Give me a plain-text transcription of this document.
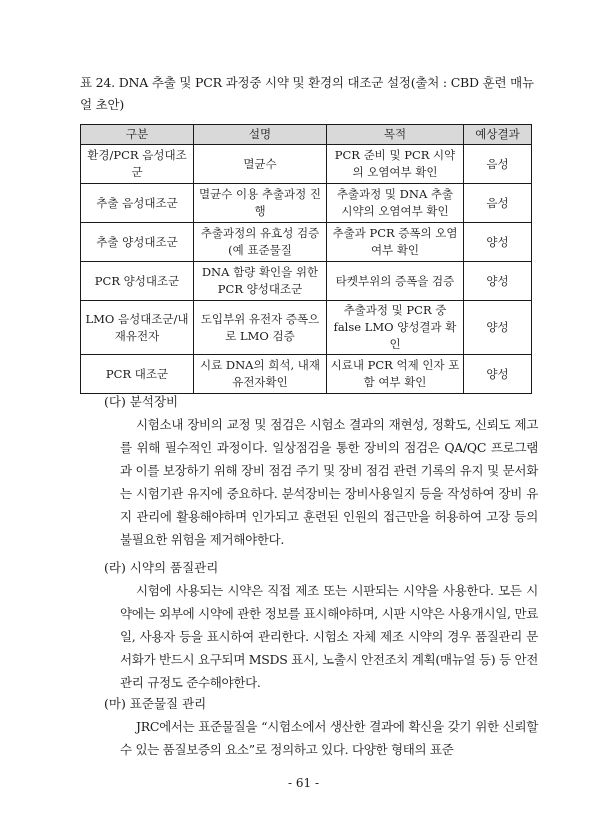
표 24. DNA 추출 및 PCR 과정중 시약 및 환경의 대조군 설정(출처 : CBD 훈련 매뉴얼 초안)
구분	설명	목적	예상결과
환경/PCR 음성대조군	멸균수	PCR 준비 및 PCR 시약의 오염여부 확인	음성
추출 음성대조군	멸균수 이용 추출과정 진행	추출과정 및 DNA 추출 시약의 오염여부 확인	음성
추출 양성대조군	추출과정의 유효성 검증(예 표준물질	추출과 PCR 증폭의 오염여부 확인	양성
PCR 양성대조군	DNA 함량 확인을 위한 PCR 양성대조군	타켓부위의 증폭을 검증	양성
LMO 음성대조군/내재유전자	도입부위 유전자 증폭으로 LMO 검증	추출과정 및 PCR 중 false LMO 양성결과 확인	양성
PCR 대조군	시료 DNA의 희석, 내재유전자확인	시료내 PCR 억제 인자 포함 여부 확인	양성
(다) 분석장비
시험소내 장비의 교정 및 점검은 시험소 결과의 재현성, 정확도, 신뢰도 제고를 위해 필수적인 과정이다. 일상점검을 통한 장비의 점검은 QA/QC 프로그램과 이를 보장하기 위해 장비 점검 주기 및 장비 점검 관련 기록의 유지 및 문서화는 시험기관 유지에 중요하다. 분석장비는 장비사용일지 등을 작성하여 장비 유지 관리에 활용해야하며 인가되고 훈련된 인원의 접근만을 허용하여 고장 등의 불필요한 위험을 제거해야한다.
(라) 시약의 품질관리
시험에 사용되는 시약은 직접 제조 또는 시판되는 시약을 사용한다. 모든 시약에는 외부에 시약에 관한 정보를 표시해야하며, 시판 시약은 사용개시일, 만료일, 사용자 등을 표시하여 관리한다. 시험소 자체 제조 시약의 경우 품질관리 문서화가 반드시 요구되며 MSDS 표시, 노출시 안전조치 계획(매뉴얼 등) 등 안전관리 규정도 준수해야한다.
(마) 표준물질 관리
JRC에서는 표준물질을 “시험소에서 생산한 결과에 확신을 갖기 위한 신뢰할 수 있는 품질보증의 요소”로 정의하고 있다. 다양한 형태의 표준
- 61 -
